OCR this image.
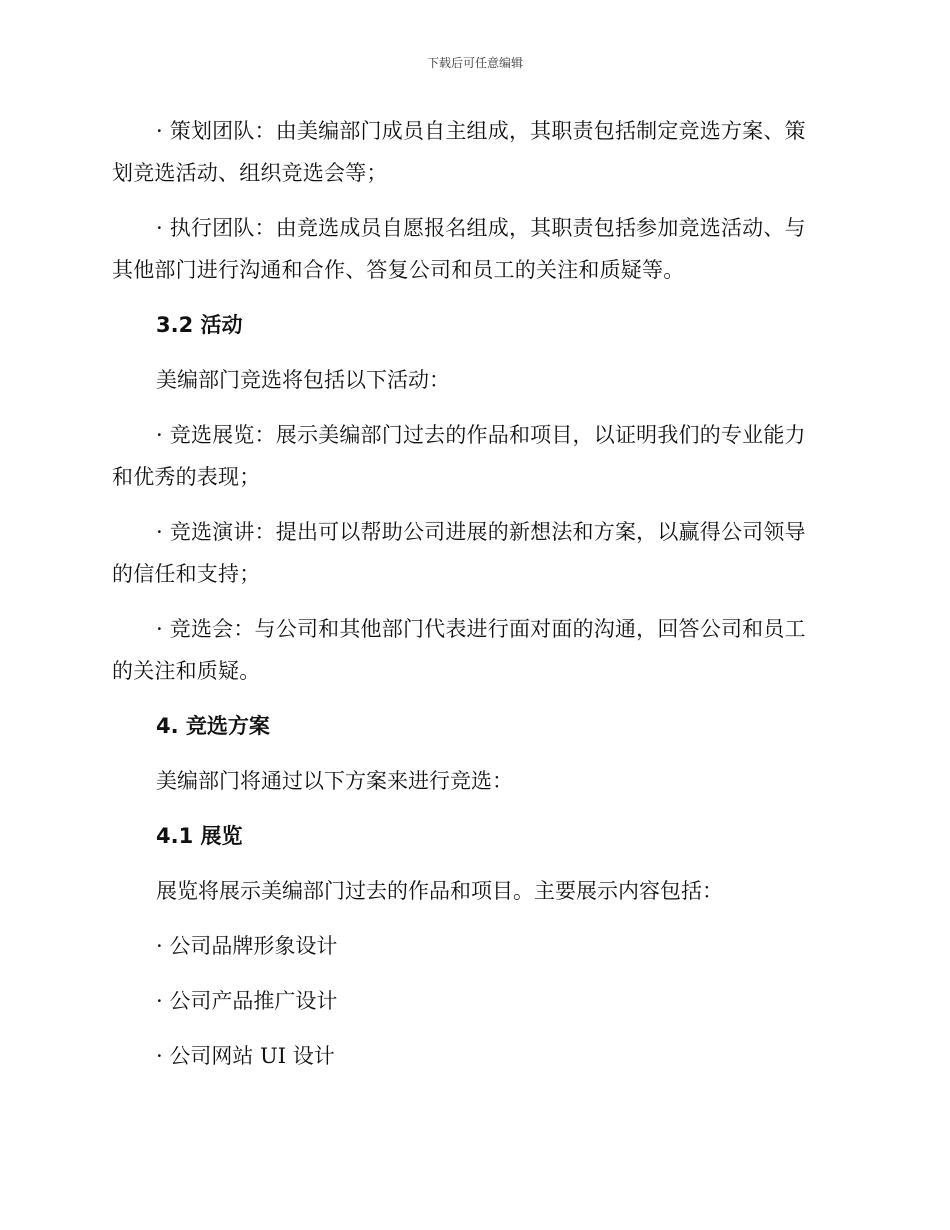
下载后可任意编辑

· 策划团队：由美编部门成员自主组成，其职责包括制定竞选方案、策划竞选活动、组织竞选会等；

· 执行团队：由竞选成员自愿报名组成，其职责包括参加竞选活动、与其他部门进行沟通和合作、答复公司和员工的关注和质疑等。

3.2 活动

美编部门竞选将包括以下活动：

· 竞选展览：展示美编部门过去的作品和项目，以证明我们的专业能力和优秀的表现；

· 竞选演讲：提出可以帮助公司进展的新想法和方案，以赢得公司领导的信任和支持；

· 竞选会：与公司和其他部门代表进行面对面的沟通，回答公司和员工的关注和质疑。

4. 竞选方案

美编部门将通过以下方案来进行竞选：

4.1 展览

展览将展示美编部门过去的作品和项目。主要展示内容包括：

· 公司品牌形象设计

· 公司产品推广设计

· 公司网站 UI 设计
